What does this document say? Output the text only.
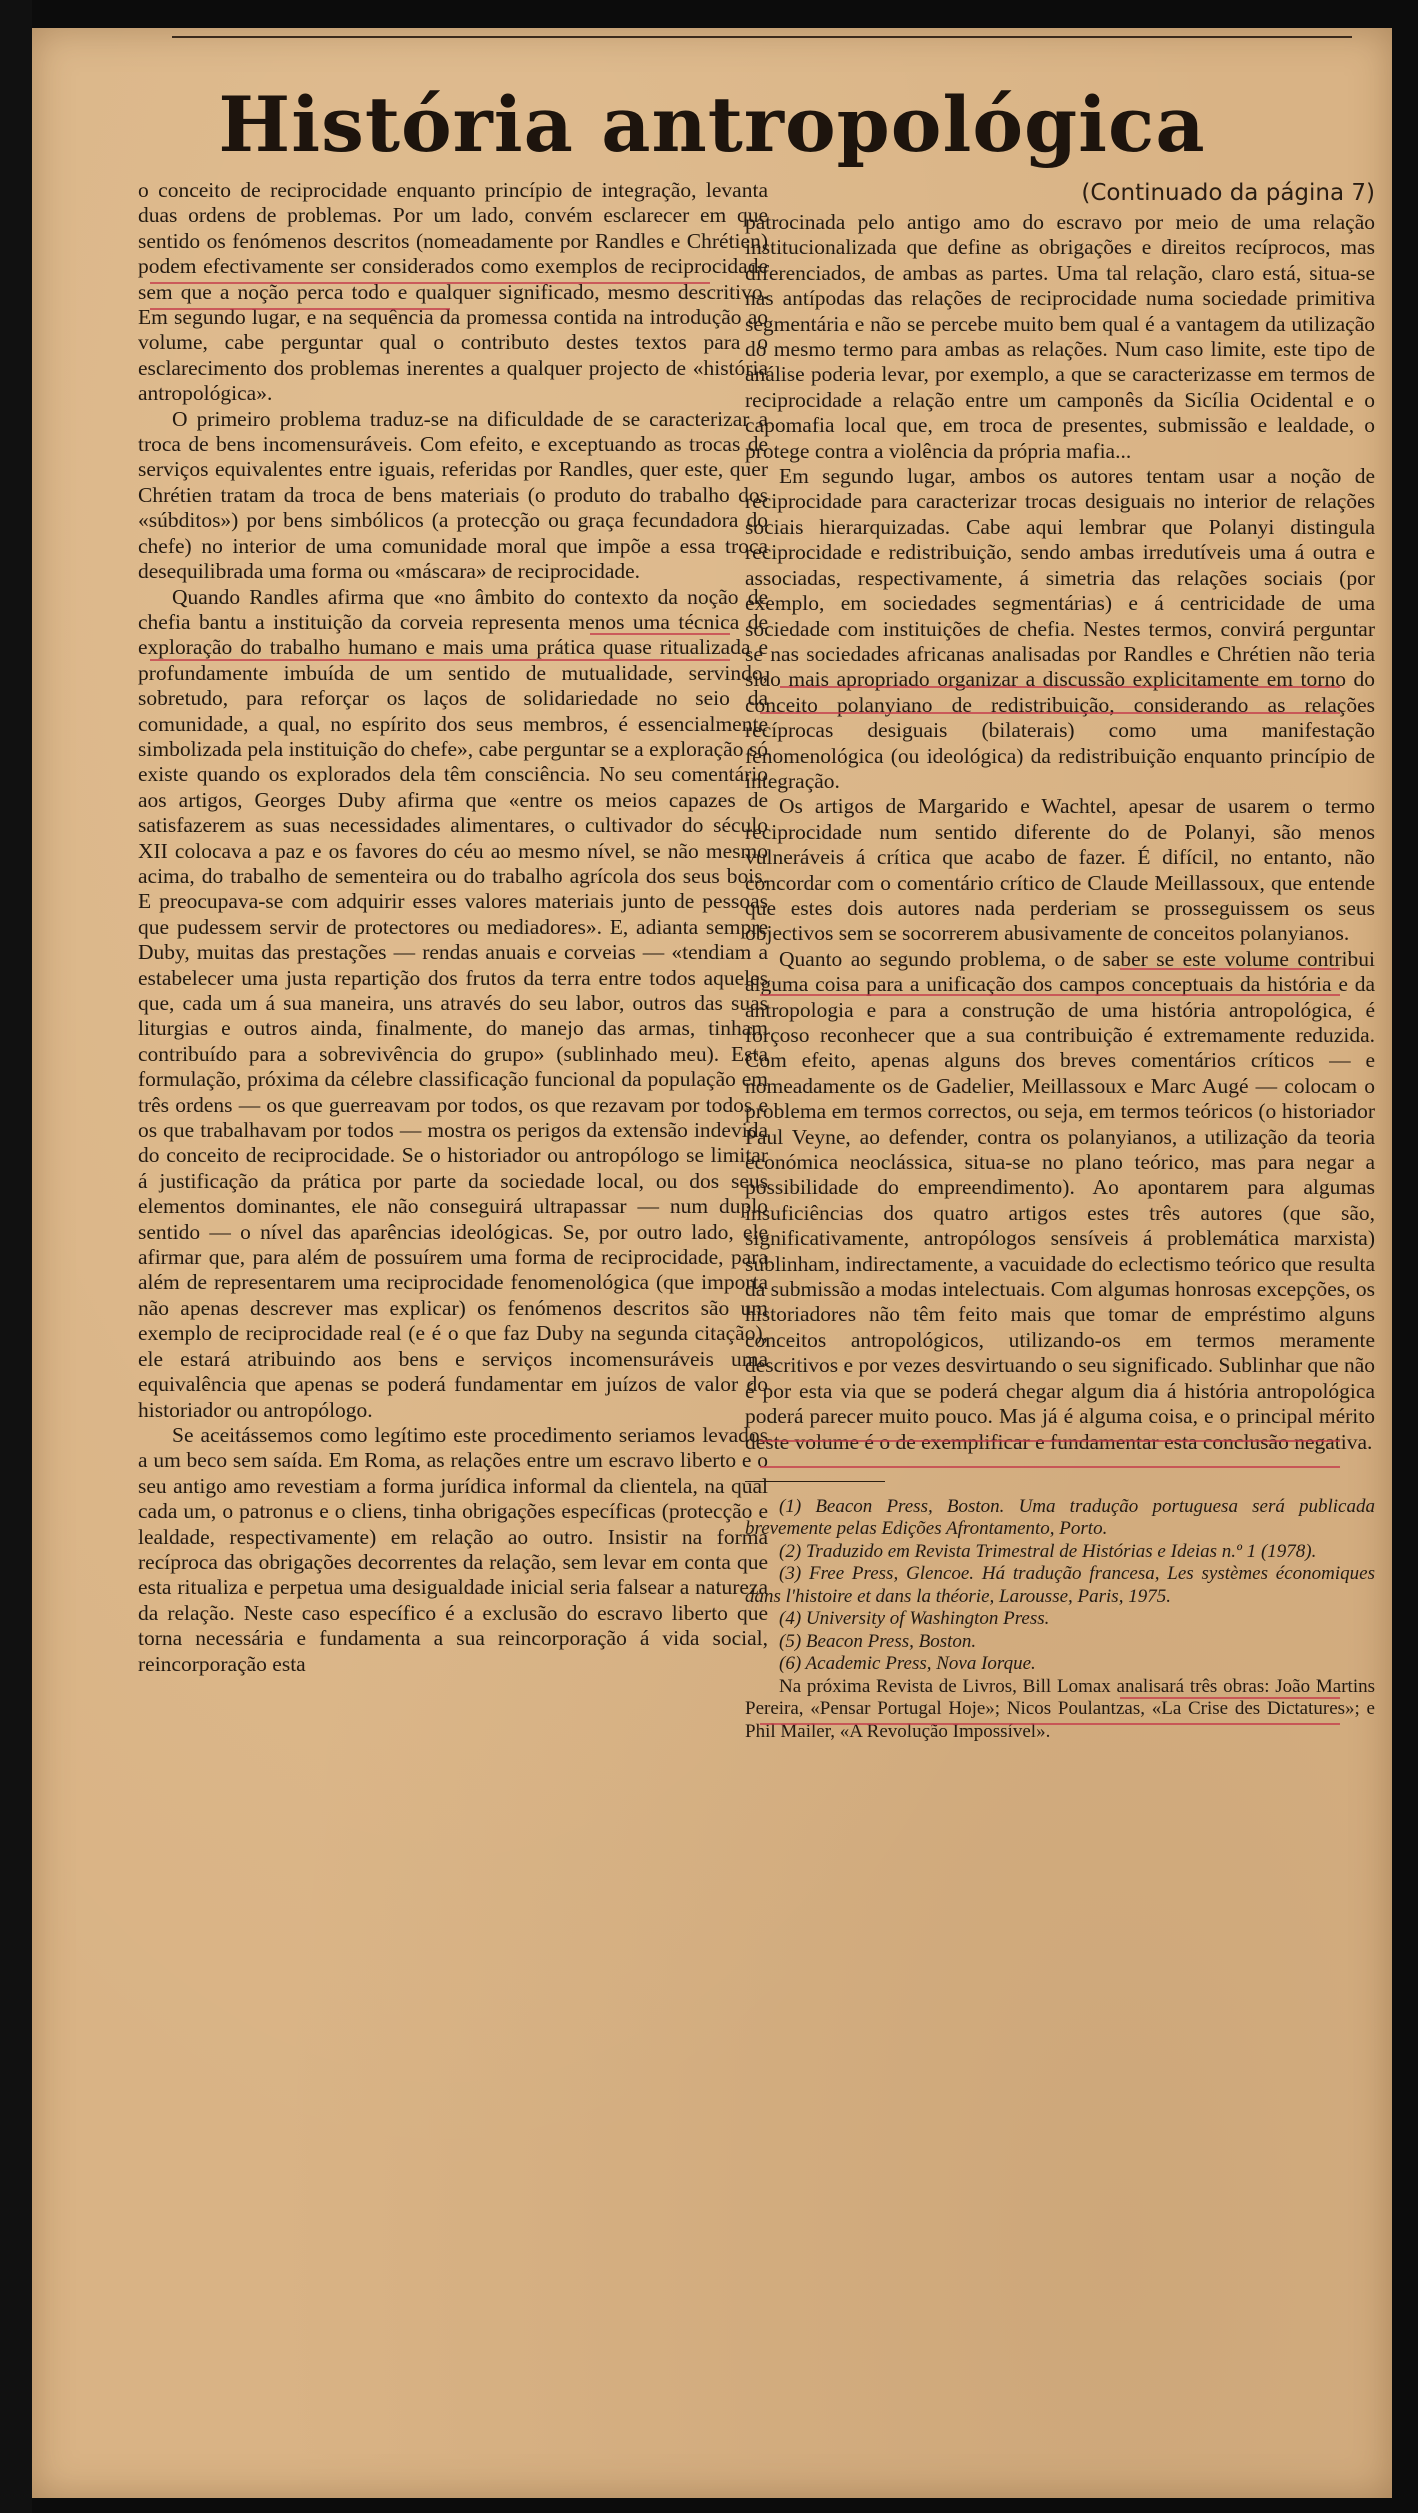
História antropológica

o conceito de reciprocidade enquanto princípio de integração, levanta duas ordens de problemas. Por um lado, convém esclarecer em que sentido os fenómenos descritos (nomeadamente por Randles e Chrétien) podem efectivamente ser considerados como exemplos de reciprocidade sem que a noção perca todo e qualquer significado, mesmo descritivo. Em segundo lugar, e na sequência da promessa contida na introdução ao volume, cabe perguntar qual o contributo destes textos para o esclarecimento dos problemas inerentes a qualquer projecto de «história antropológica».

O primeiro problema traduz-se na dificuldade de se caracterizar a troca de bens incomensuráveis. Com efeito, e exceptuando as trocas de serviços equivalentes entre iguais, referidas por Randles, quer este, quer Chrétien tratam da troca de bens materiais (o produto do trabalho dos «súbditos») por bens simbólicos (a protecção ou graça fecundadora do chefe) no interior de uma comunidade moral que impõe a essa troca desequilibrada uma forma ou «máscara» de reciprocidade.

Quando Randles afirma que «no âmbito do contexto da noção de chefia bantu a instituição da corveia representa menos uma técnica de exploração do trabalho humano e mais uma prática quase ritualizada e profundamente imbuída de um sentido de mutualidade, servindo, sobretudo, para reforçar os laços de solidariedade no seio da comunidade, a qual, no espírito dos seus membros, é essencialmente simbolizada pela instituição do chefe», cabe perguntar se a exploração só existe quando os explorados dela têm consciência. No seu comentário aos artigos, Georges Duby afirma que «entre os meios capazes de satisfazerem as suas necessidades alimentares, o cultivador do século XII colocava a paz e os favores do céu ao mesmo nível, se não mesmo acima, do trabalho de sementeira ou do trabalho agrícola dos seus bois. E preocupava-se com adquirir esses valores materiais junto de pessoas que pudessem servir de protectores ou mediadores». E, adianta sempre Duby, muitas das prestações — rendas anuais e corveias — «tendiam a estabelecer uma justa repartição dos frutos da terra entre todos aqueles que, cada um á sua maneira, uns através do seu labor, outros das suas liturgias e outros ainda, finalmente, do manejo das armas, tinham contribuído para a sobrevivência do grupo» (sublinhado meu). Esta formulação, próxima da célebre classificação funcional da população em três ordens — os que guerreavam por todos, os que rezavam por todos e os que trabalhavam por todos — mostra os perigos da extensão indevida do conceito de reciprocidade. Se o historiador ou antropólogo se limitar á justificação da prática por parte da sociedade local, ou dos seus elementos dominantes, ele não conseguirá ultrapassar — num duplo sentido — o nível das aparências ideológicas. Se, por outro lado, ele afirmar que, para além de possuírem uma forma de reciprocidade, para além de representarem uma reciprocidade fenomenológica (que importa não apenas descrever mas explicar) os fenómenos descritos são um exemplo de reciprocidade real (e é o que faz Duby na segunda citação), ele estará atribuindo aos bens e serviços incomensuráveis uma equivalência que apenas se poderá fundamentar em juízos de valor do historiador ou antropólogo.

Se aceitássemos como legítimo este procedimento seriamos levados a um beco sem saída. Em Roma, as relações entre um escravo liberto e o seu antigo amo revestiam a forma jurídica informal da clientela, na qual cada um, o patronus e o cliens, tinha obrigações específicas (protecção e lealdade, respectivamente) em relação ao outro. Insistir na forma recíproca das obrigações decorrentes da relação, sem levar em conta que esta ritualiza e perpetua uma desigualdade inicial seria falsear a natureza da relação. Neste caso específico é a exclusão do escravo liberto que torna necessária e fundamenta a sua reincorporação á vida social, reincorporação esta

(Continuado da página 7)

patrocinada pelo antigo amo do escravo por meio de uma relação institucionalizada que define as obrigações e direitos recíprocos, mas diferenciados, de ambas as partes. Uma tal relação, claro está, situa-se nas antípodas das relações de reciprocidade numa sociedade primitiva segmentária e não se percebe muito bem qual é a vantagem da utilização do mesmo termo para ambas as relações. Num caso limite, este tipo de análise poderia levar, por exemplo, a que se caracterizasse em termos de reciprocidade a relação entre um camponês da Sicília Ocidental e o capomafia local que, em troca de presentes, submissão e lealdade, o protege contra a violência da própria mafia...

Em segundo lugar, ambos os autores tentam usar a noção de reciprocidade para caracterizar trocas desiguais no interior de relações sociais hierarquizadas. Cabe aqui lembrar que Polanyi distingula reciprocidade e redistribuição, sendo ambas irredutíveis uma á outra e associadas, respectivamente, á simetria das relações sociais (por exemplo, em sociedades segmentárias) e á centricidade de uma sociedade com instituições de chefia. Nestes termos, convirá perguntar se nas sociedades africanas analisadas por Randles e Chrétien não teria sido mais apropriado organizar a discussão explicitamente em torno do conceito polanyiano de redistribuição, considerando as relações recíprocas desiguais (bilaterais) como uma manifestação fenomenológica (ou ideológica) da redistribuição enquanto princípio de integração.

Os artigos de Margarido e Wachtel, apesar de usarem o termo reciprocidade num sentido diferente do de Polanyi, são menos vulneráveis á crítica que acabo de fazer. É difícil, no entanto, não concordar com o comentário crítico de Claude Meillassoux, que entende que estes dois autores nada perderiam se prosseguissem os seus objectivos sem se socorrerem abusivamente de conceitos polanyianos.

Quanto ao segundo problema, o de saber se este volume contribui alguma coisa para a unificação dos campos conceptuais da história e da antropologia e para a construção de uma história antropológica, é forçoso reconhecer que a sua contribuição é extremamente reduzida. Com efeito, apenas alguns dos breves comentários críticos — e nomeadamente os de Gadelier, Meillassoux e Marc Augé — colocam o problema em termos correctos, ou seja, em termos teóricos (o historiador Paul Veyne, ao defender, contra os polanyianos, a utilização da teoria económica neoclássica, situa-se no plano teórico, mas para negar a possibilidade do empreendimento). Ao apontarem para algumas insuficiências dos quatro artigos estes três autores (que são, significativamente, antropólogos sensíveis á problemática marxista) sublinham, indirectamente, a vacuidade do eclectismo teórico que resulta da submissão a modas intelectuais. Com algumas honrosas excepções, os historiadores não têm feito mais que tomar de empréstimo alguns conceitos antropológicos, utilizando-os em termos meramente descritivos e por vezes desvirtuando o seu significado. Sublinhar que não é por esta via que se poderá chegar algum dia á história antropológica poderá parecer muito pouco. Mas já é alguma coisa, e o principal mérito deste volume é o de exemplificar e fundamentar esta conclusão negativa.

(1) Beacon Press, Boston. Uma tradução portuguesa será publicada brevemente pelas Edições Afrontamento, Porto.

(2) Traduzido em Revista Trimestral de Histórias e Ideias n.º 1 (1978).

(3) Free Press, Glencoe. Há tradução francesa, Les systèmes économiques dans l'histoire et dans la théorie, Larousse, Paris, 1975.

(4) University of Washington Press.

(5) Beacon Press, Boston.

(6) Academic Press, Nova Iorque.

Na próxima Revista de Livros, Bill Lomax analisará três obras: João Martins Pereira, «Pensar Portugal Hoje»; Nicos Poulantzas, «La Crise des Dictatures»; e Phil Mailer, «A Revolução Impossível».
